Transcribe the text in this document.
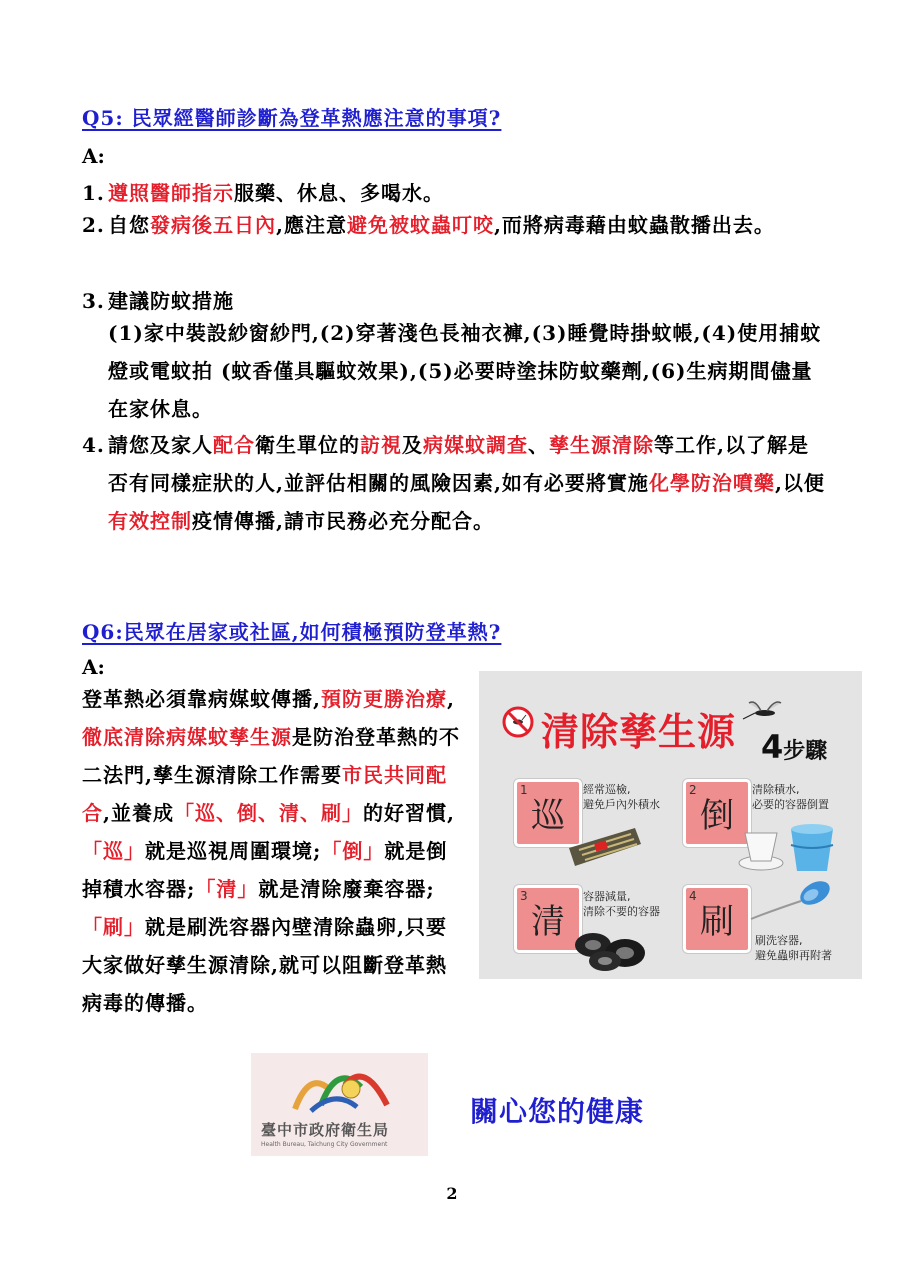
Q5: 民眾經醫師診斷為登革熱應注意的事項?
A:
1. 遵照醫師指示服藥、休息、多喝水。
2. 自您發病後五日內,應注意避免被蚊蟲叮咬,而將病毒藉由蚊蟲散播出去。
3. 建議防蚊措施
(1)家中裝設紗窗紗門,(2)穿著淺色長袖衣褲,(3)睡覺時掛蚊帳,(4)使用捕蚊燈或電蚊拍 (蚊香僅具驅蚊效果),(5)必要時塗抹防蚊藥劑,(6)生病期間儘量在家休息。
4. 請您及家人配合衛生單位的訪視及病媒蚊調查、孳生源清除等工作,以了解是否有同樣症狀的人,並評估相關的風險因素,如有必要將實施化學防治噴藥,以便有效控制疫情傳播,請市民務必充分配合。
Q6:民眾在居家或社區,如何積極預防登革熱?
A:
登革熱必須靠病媒蚊傳播,預防更勝治療,徹底清除病媒蚊孳生源是防治登革熱的不二法門,孳生源清除工作需要市民共同配合,並養成「巡、倒、清、刷」的好習慣,「巡」就是巡視周圍環境;「倒」就是倒掉積水容器;「清」就是清除廢棄容器;「刷」就是刷洗容器內壁清除蟲卵,只要大家做好孳生源清除,就可以阻斷登革熱病毒的傳播。
清除孳生源 4步驟
1
巡
經常巡檢,
避免戶內外積水
2
倒
清除積水,
必要的容器倒置
3
清
容器減量,
清除不要的容器
4
刷	刷洗容器,
避免蟲卵再附著
臺中市政府衛生局
Health Bureau, Taichung City Government
關心您的健康
2
